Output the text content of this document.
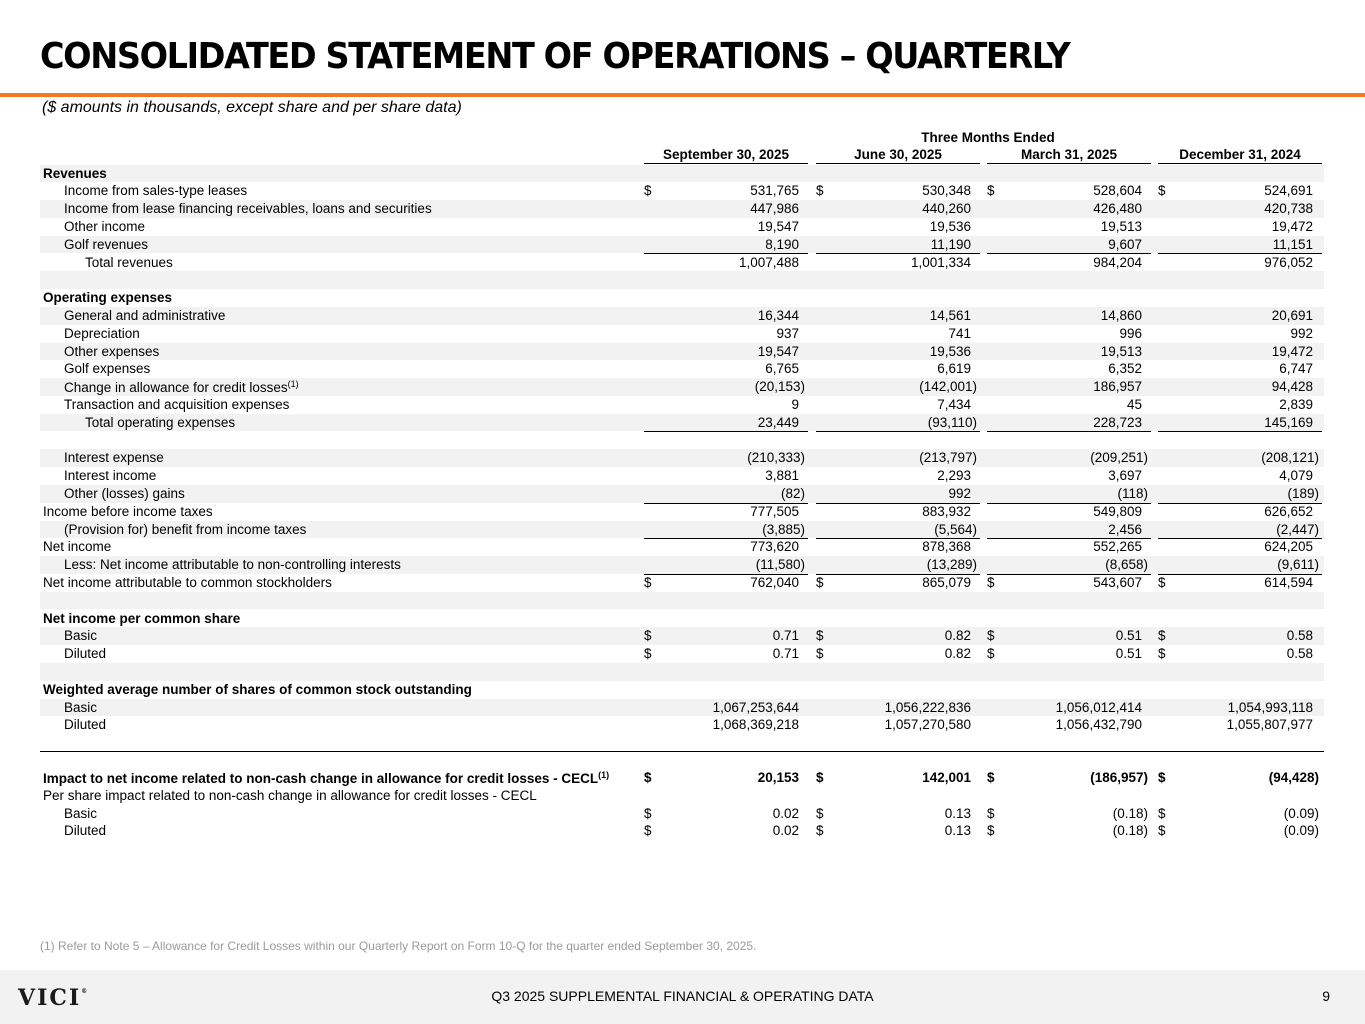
CONSOLIDATED STATEMENT OF OPERATIONS – QUARTERLY
($ amounts in thousands, except share and per share data)
Three Months Ended
September 30, 2025	June 30, 2025	March 31, 2025	December 31, 2024
Revenues
Income from sales-type leases	$	531,765 $	530,348 $	528,604 $	524,691
Income from lease financing receivables, loans and securities	447,986	440,260	426,480	420,738
Other income	19,547	19,536	19,513	19,472
Golf revenues	8,190	11,190	9,607	11,151
Total revenues	1,007,488	1,001,334	984,204	976,052
Operating expenses
General and administrative	16,344	14,561	14,860	20,691
Depreciation	937	741	996	992
Other expenses	19,547	19,536	19,513	19,472
Golf expenses	6,765	6,619	6,352	6,747
Change in allowance for credit losses$^{(1)}$	(20,153)	(142,001)	186,957	94,428
Transaction and acquisition expenses	9	7,434	45	2,839
Total operating expenses	23,449	(93,110)	228,723	145,169
Interest expense	(210,333)	(213,797)	(209,251)	(208,121)
Interest income	3,881	2,293	3,697	4,079
Other (losses) gains	(82)	992	(118)	(189)
Income before income taxes	777,505	883,932	549,809	626,652
(Provision for) benefit from income taxes	(3,885)	(5,564)	2,456	(2,447)
Net income	773,620	878,368	552,265	624,205
Less: Net income attributable to non-controlling interests	(11,580)	(13,289)	(8,658)	(9,611)
Net income attributable to common stockholders	$	762,040 $	865,079 $	543,607 $	614,594
Net income per common share
Basic	$	0.71 $	0.82 $	0.51 $	0.58
Diluted	$	0.71 $	0.82 $	0.51 $	0.58
Weighted average number of shares of common stock outstanding
Basic	1,067,253,644	1,056,222,836	1,056,012,414	1,054,993,118
Diluted	1,068,369,218	1,057,270,580	1,056,432,790	1,055,807,977
Impact to net income related to non-cash change in allowance for credit losses - CECL$^{(1)}$	$	20,153 $	142,001 $	(186,957) $	(94,428)
Per share impact related to non-cash change in allowance for credit losses - CECL
Basic	$	0.02 $	0.13 $	(0.18) $	(0.09)
Diluted	$	0.02 $	0.13 $	(0.18) $	(0.09)
(1) Refer to Note 5 – Allowance for Credit Losses within our Quarterly Report on Form 10-Q for the quarter ended September 30, 2025.
VICI®	Q3 2025 SUPPLEMENTAL FINANCIAL & OPERATING DATA	9
